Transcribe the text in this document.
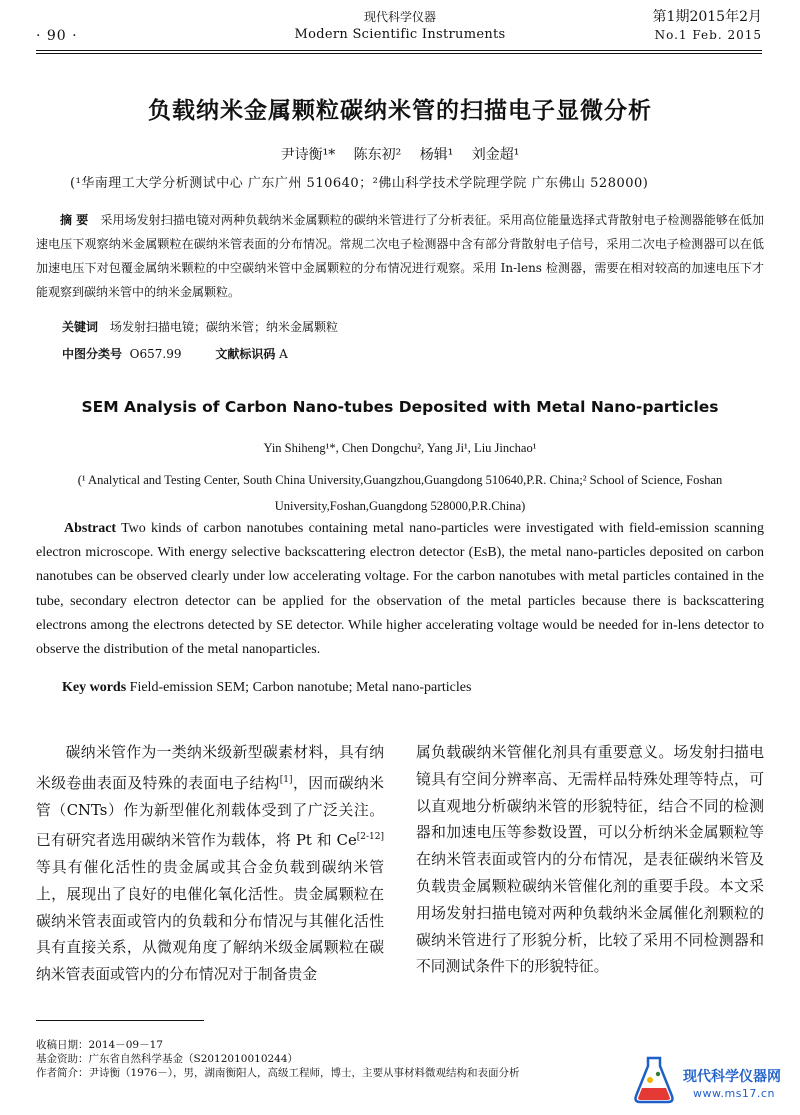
· 90 ·
现代科学仪器
Modern Scientific Instruments
第1期2015年2月
No.1 Feb. 2015
负载纳米金属颗粒碳纳米管的扫描电子显微分析
尹诗衡¹* 陈东初² 杨辑¹ 刘金超¹
(¹华南理工大学分析测试中心 广东广州 510640；²佛山科学技术学院理学院 广东佛山 528000)
摘 要 采用场发射扫描电镜对两种负载纳米金属颗粒的碳纳米管进行了分析表征。采用高位能量选择式背散射电子检测器能够在低加速电压下观察纳米金属颗粒在碳纳米管表面的分布情况。常规二次电子检测器中含有部分背散射电子信号，采用二次电子检测器可以在低加速电压下对包覆金属纳米颗粒的中空碳纳米管中金属颗粒的分布情况进行观察。采用 In-lens 检测器，需要在相对较高的加速电压下才能观察到碳纳米管中的纳米金属颗粒。
关键词 场发射扫描电镜；碳纳米管；纳米金属颗粒
中图分类号 O657.99	文献标识码 A
SEM Analysis of Carbon Nano-tubes Deposited with Metal Nano-particles
Yin Shiheng¹*, Chen Dongchu², Yang Ji¹, Liu Jinchao¹
(¹ Analytical and Testing Center, South China University,Guangzhou,Guangdong 510640,P.R. China;² School of Science, Foshan
University,Foshan,Guangdong 528000,P.R.China)
Abstract Two kinds of carbon nanotubes containing metal nano-particles were investigated with field-emission scanning electron microscope. With energy selective backscattering electron detector (EsB), the metal nano-particles deposited on carbon nanotubes can be observed clearly under low accelerating voltage. For the carbon nanotubes with metal particles contained in the tube, secondary electron detector can be applied for the observation of the metal particles because there is backscattering electrons among the electrons detected by SE detector. While higher accelerating voltage would be needed for in-lens detector to observe the distribution of the metal nanoparticles.
Key words Field-emission SEM; Carbon nanotube; Metal nano-particles

碳纳米管作为一类纳米级新型碳素材料，具有纳米级卷曲表面及特殊的表面电子结构[1]，因而碳纳米管（CNTs）作为新型催化剂载体受到了广泛关注。已有研究者选用碳纳米管作为载体，将 Pt 和 Ce[2-12]等具有催化活性的贵金属或其合金负载到碳纳米管上，展现出了良好的电催化氧化活性。贵金属颗粒在碳纳米管表面或管内的负载和分布情况与其催化活性具有直接关系，从微观角度了解纳米级金属颗粒在碳纳米管表面或管内的分布情况对于制备贵金

属负载碳纳米管催化剂具有重要意义。场发射扫描电镜具有空间分辨率高、无需样品特殊处理等特点，可以直观地分析碳纳米管的形貌特征，结合不同的检测器和加速电压等参数设置，可以分析纳米金属颗粒等在纳米管表面或管内的分布情况，是表征碳纳米管及负载贵金属颗粒碳纳米管催化剂的重要手段。本文采用场发射扫描电镜对两种负载纳米金属催化剂颗粒的碳纳米管进行了形貌分析，比较了采用不同检测器和不同测试条件下的形貌特征。

收稿日期：2014－09－17
基金资助：广东省自然科学基金（S2012010010244）
作者简介：尹诗衡（1976－），男，湖南衡阳人，高级工程师，博士，主要从事材料微观结构和表面分析	现代科学仪器网
www.ms17.cn
